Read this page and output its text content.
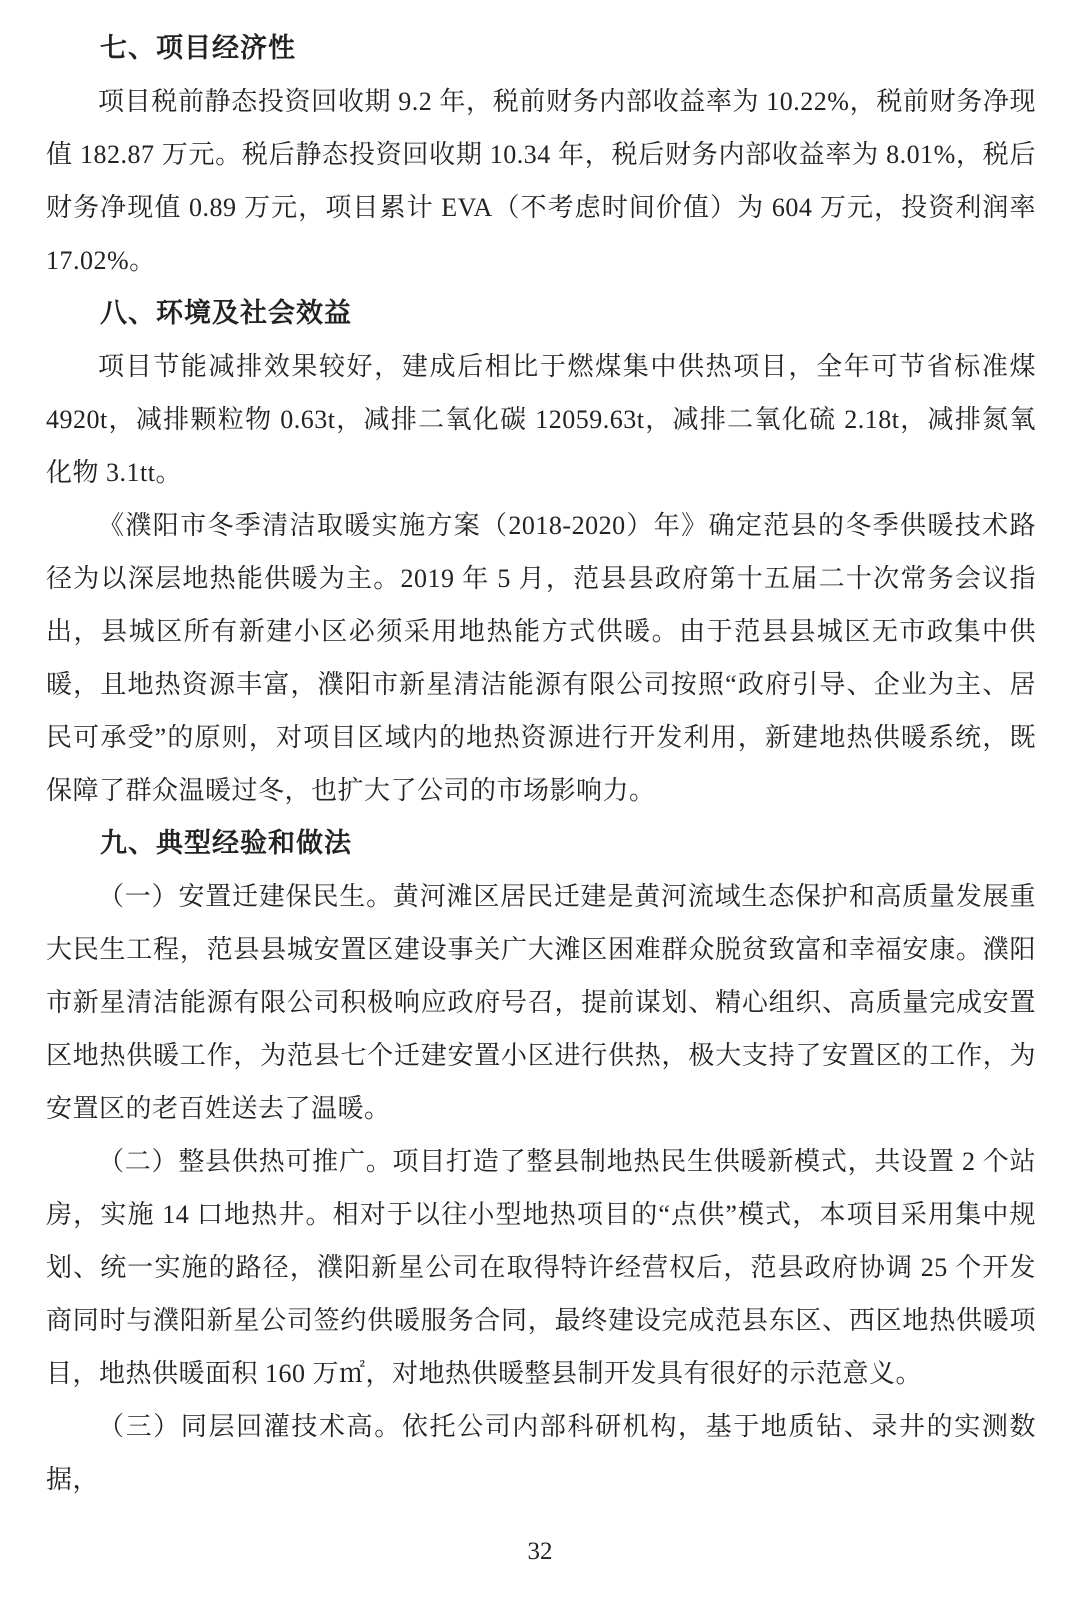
七、项目经济性

项目税前静态投资回收期 9.2 年，税前财务内部收益率为 10.22%，税前财务净现值 182.87 万元。税后静态投资回收期 10.34 年，税后财务内部收益率为 8.01%，税后财务净现值 0.89 万元，项目累计 EVA（不考虑时间价值）为 604 万元，投资利润率 17.02%。

八、环境及社会效益

项目节能减排效果较好，建成后相比于燃煤集中供热项目，全年可节省标准煤 4920t，减排颗粒物 0.63t，减排二氧化碳 12059.63t，减排二氧化硫 2.18t，减排氮氧化物 3.1tt。

《濮阳市冬季清洁取暖实施方案（2018-2020）年》确定范县的冬季供暖技术路径为以深层地热能供暖为主。2019 年 5 月，范县县政府第十五届二十次常务会议指出，县城区所有新建小区必须采用地热能方式供暖。由于范县县城区无市政集中供暖，且地热资源丰富，濮阳市新星清洁能源有限公司按照“政府引导、企业为主、居民可承受”的原则，对项目区域内的地热资源进行开发利用，新建地热供暖系统，既保障了群众温暖过冬，也扩大了公司的市场影响力。

九、典型经验和做法

（一）安置迁建保民生。黄河滩区居民迁建是黄河流域生态保护和高质量发展重大民生工程，范县县城安置区建设事关广大滩区困难群众脱贫致富和幸福安康。濮阳市新星清洁能源有限公司积极响应政府号召，提前谋划、精心组织、高质量完成安置区地热供暖工作，为范县七个迁建安置小区进行供热，极大支持了安置区的工作，为安置区的老百姓送去了温暖。

（二）整县供热可推广。项目打造了整县制地热民生供暖新模式，共设置 2 个站房，实施 14 口地热井。相对于以往小型地热项目的“点供”模式，本项目采用集中规划、统一实施的路径，濮阳新星公司在取得特许经营权后，范县政府协调 25 个开发商同时与濮阳新星公司签约供暖服务合同，最终建设完成范县东区、西区地热供暖项目，地热供暖面积 160 万㎡，对地热供暖整县制开发具有很好的示范意义。

（三）同层回灌技术高。依托公司内部科研机构，基于地质钻、录井的实测数据，

32
